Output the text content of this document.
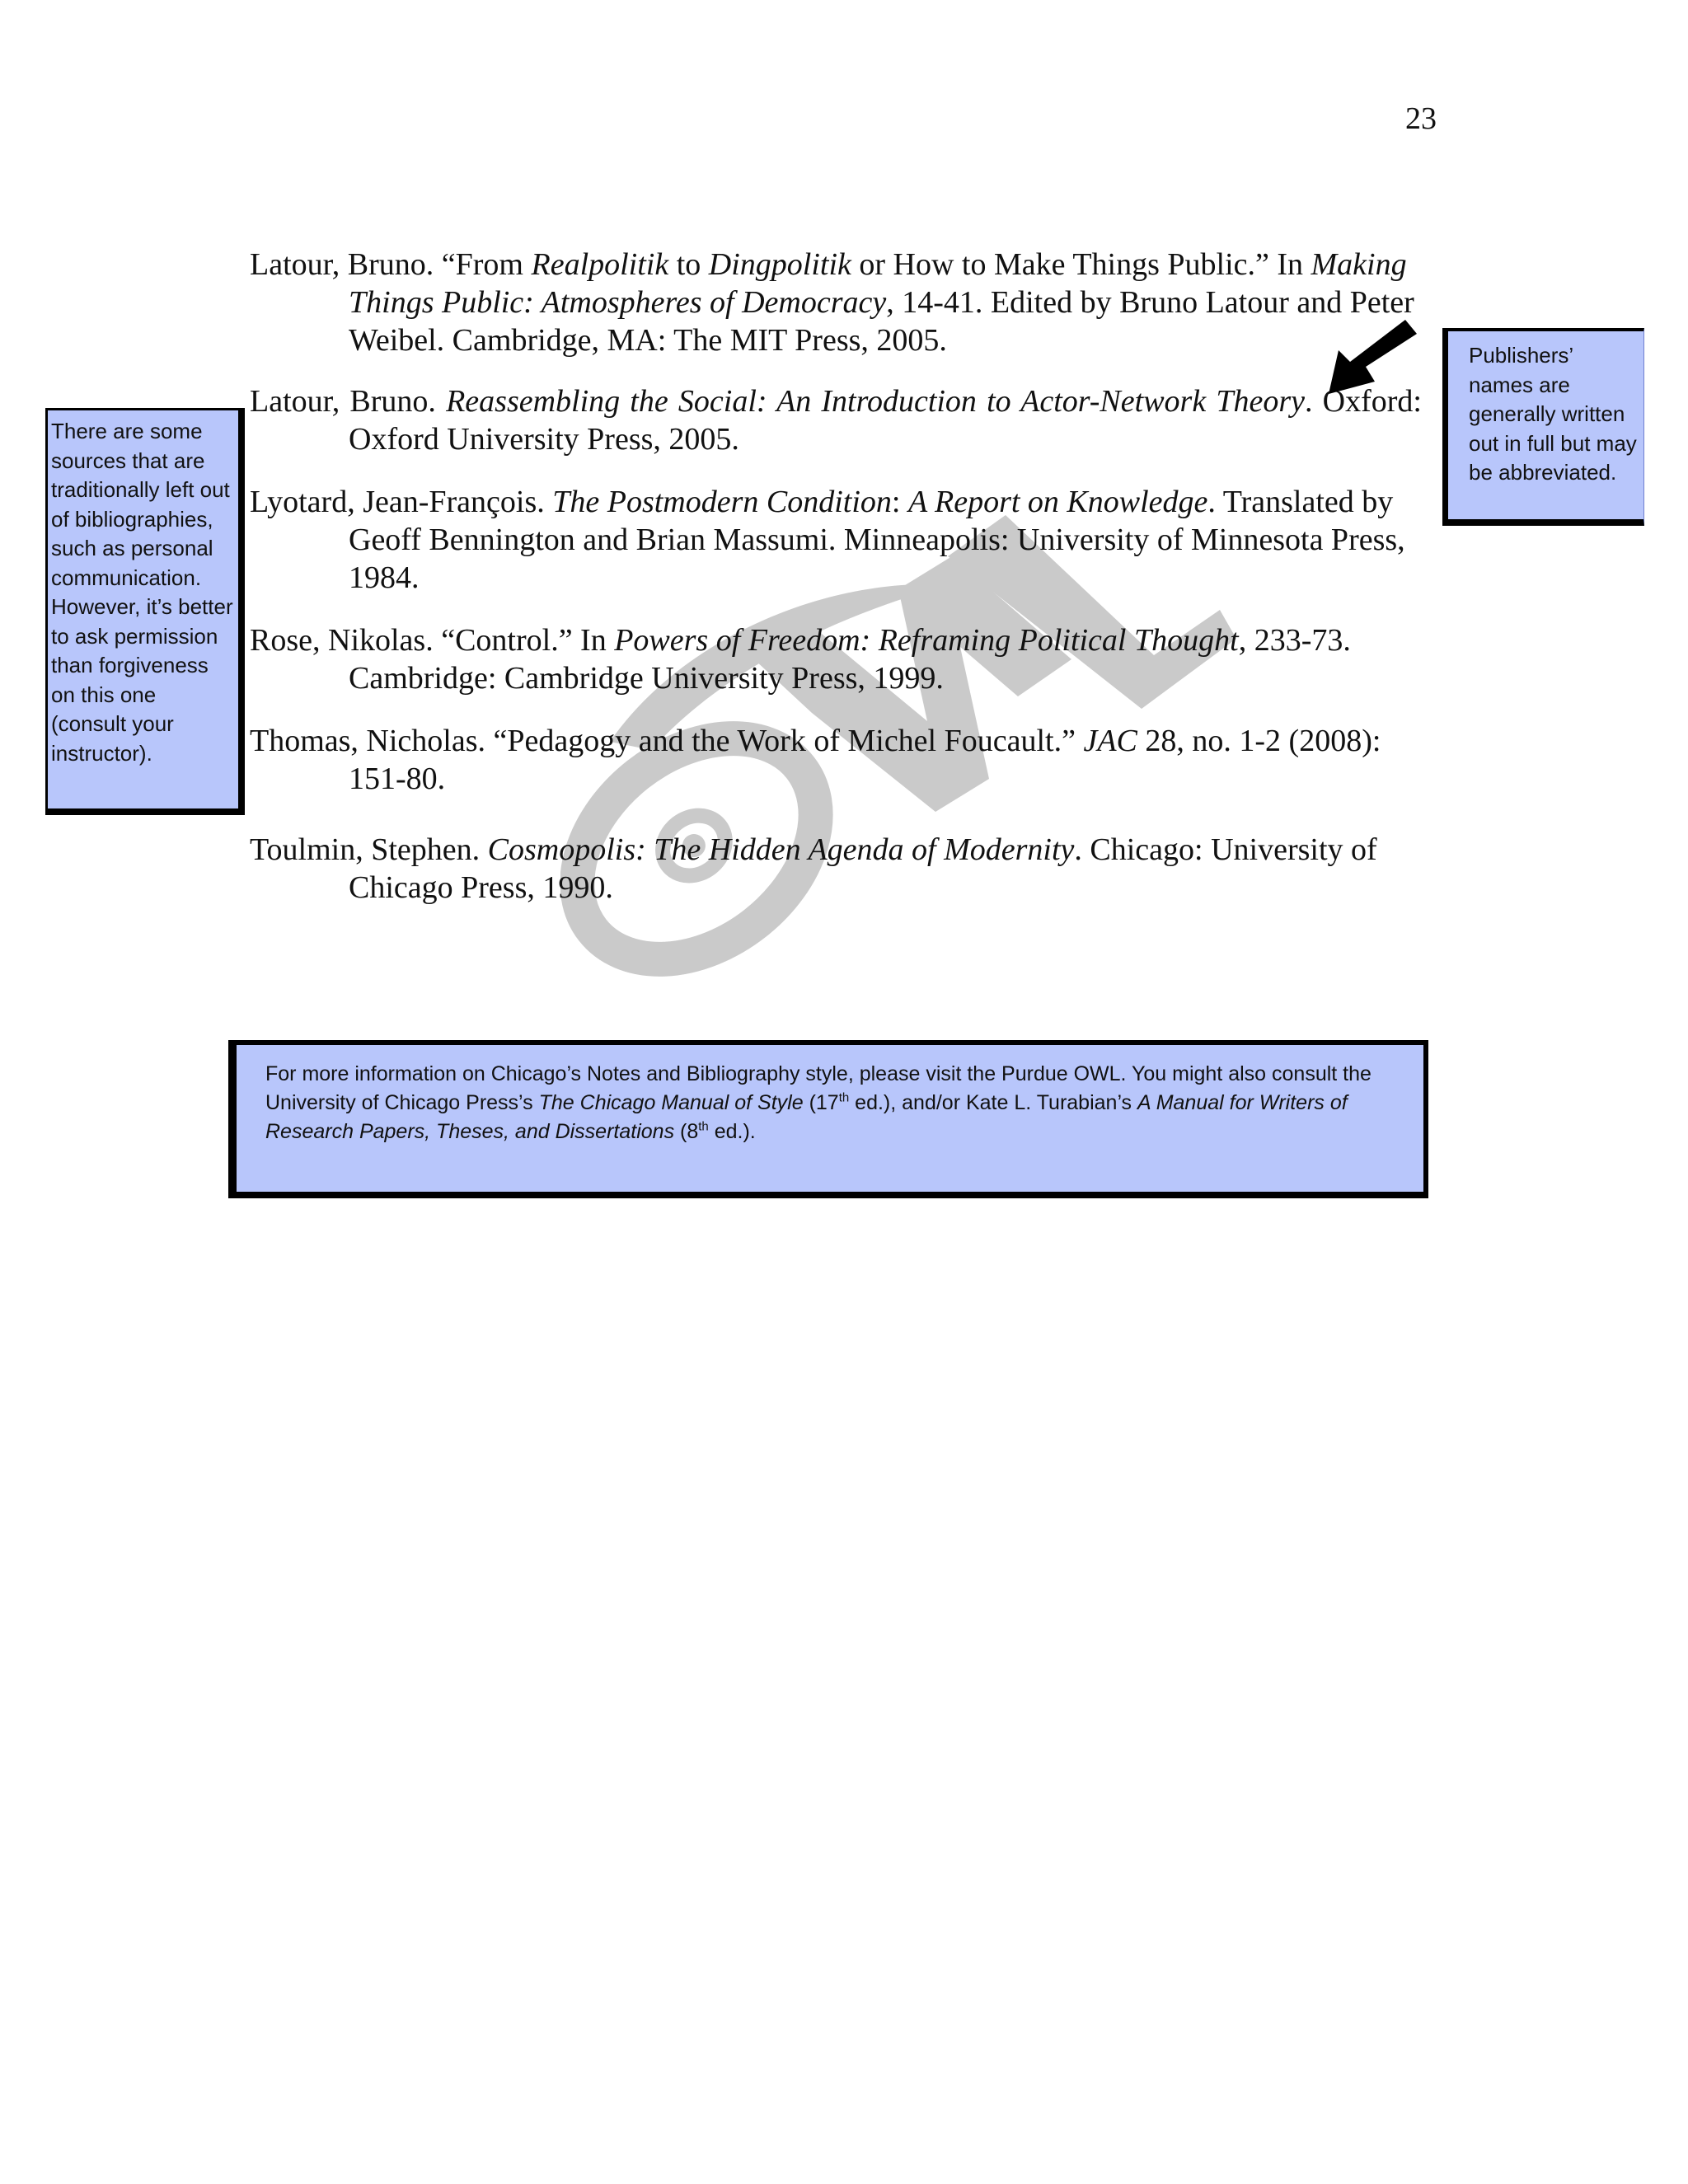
23
Latour, Bruno. “From Realpolitik to Dingpolitik or How to Make Things Public.” In Making Things Public: Atmospheres of Democracy, 14-41. Edited by Bruno Latour and Peter Weibel. Cambridge, MA: The MIT Press, 2005.
Latour, Bruno. Reassembling the Social: An Introduction to Actor-Network Theory. Oxford: Oxford University Press, 2005.
Lyotard, Jean-François. The Postmodern Condition: A Report on Knowledge. Translated by Geoff Bennington and Brian Massumi. Minneapolis: University of Minnesota Press, 1984.
Rose, Nikolas. “Control.” In Powers of Freedom: Reframing Political Thought, 233-73. Cambridge: Cambridge University Press, 1999.
Thomas, Nicholas. “Pedagogy and the Work of Michel Foucault.” JAC 28, no. 1-2 (2008): 151-80.
Toulmin, Stephen. Cosmopolis: The Hidden Agenda of Modernity. Chicago: University of Chicago Press, 1990.
There are some sources that are traditionally left out of bibliographies, such as personal communication. However, it’s better to ask permission than forgiveness on this one (consult your instructor).
Publishers’ names are generally written out in full but may be abbreviated.
For more information on Chicago’s Notes and Bibliography style, please visit the Purdue OWL. You might also consult the University of Chicago Press’s The Chicago Manual of Style (17th ed.), and/or Kate L. Turabian’s A Manual for Writers of Research Papers, Theses, and Dissertations (8th ed.).
